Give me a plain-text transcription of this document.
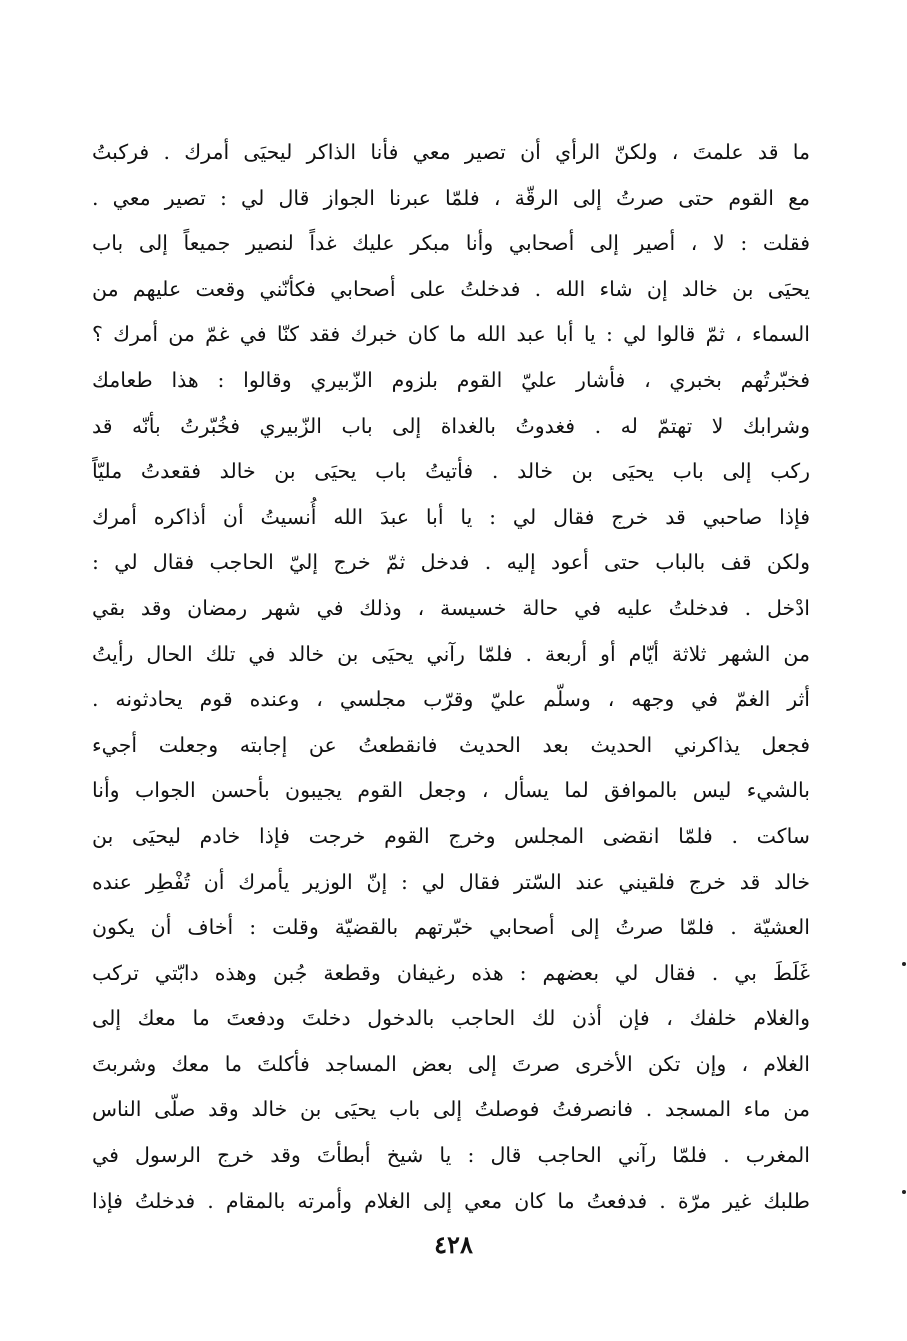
ما قد علمتَ ، ولكنّ الرأي أن تصير معي فأنا الذاكر ليحيَى أمرك . فركبتُ
مع القوم حتى صرتُ إلى الرقّة ، فلمّا عبرنا الجواز قال لي : تصير معي .
فقلت : لا ، أصير إلى أصحابي وأنا مبكر عليك غداً لنصير جميعاً إلى باب
يحيَى بن خالد إن شاء الله . فدخلتُ على أصحابي فكأنّني وقعت عليهم من
السماء ، ثمّ قالوا لي : يا أبا عبد الله ما كان خبرك فقد كنّا في غمّ من أمرك ؟
فخبّرتُهم بخبري ، فأشار عليّ القوم بلزوم الزّبيري وقالوا : هذا طعامك
وشرابك لا تهتمّ له . فغدوتُ بالغداة إلى باب الزّبيري فخُبّرتُ بأنّه قد
ركب إلى باب يحيَى بن خالد . فأتيتُ باب يحيَى بن خالد فقعدتُ مليّاً
فإذا صاحبي قد خرج فقال لي : يا أبا عبدَ الله أُنسيتُ أن أذاكره أمرك
ولكن قف بالباب حتى أعود إليه . فدخل ثمّ خرج إليّ الحاجب فقال لي :
ادْخل . فدخلتُ عليه في حالة خسيسة ، وذلك في شهر رمضان وقد بقي
من الشهر ثلاثة أيّام أو أربعة . فلمّا رآني يحيَى بن خالد في تلك الحال رأيتُ
أثر الغمّ في وجهه ، وسلّم عليّ وقرّب مجلسي ، وعنده قوم يحادثونه .
فجعل يذاكرني الحديث بعد الحديث فانقطعتُ عن إجابته وجعلت أجيء
بالشيء ليس بالموافق لما يسأل ، وجعل القوم يجيبون بأحسن الجواب وأنا
ساكت . فلمّا انقضى المجلس وخرج القوم خرجت فإذا خادم ليحيَى بن
خالد قد خرج فلقيني عند السّتر فقال لي : إنّ الوزير يأمرك أن تُفْطِر عنده
العشيّة . فلمّا صرتُ إلى أصحابي خبّرتهم بالقضيّة وقلت : أخاف أن يكون
غَلَطَ بي . فقال لي بعضهم : هذه رغيفان وقطعة جُبن وهذه دابّتي تركب
والغلام خلفك ، فإن أذن لك الحاجب بالدخول دخلتَ ودفعتَ ما معك إلى
الغلام ، وإن تكن الأخرى صرتَ إلى بعض المساجد فأكلتَ ما معك وشربتَ
من ماء المسجد . فانصرفتُ فوصلتُ إلى باب يحيَى بن خالد وقد صلّى الناس
المغرب . فلمّا رآني الحاجب قال : يا شيخ أبطأتَ وقد خرج الرسول في
طلبك غير مرّة . فدفعتُ ما كان معي إلى الغلام وأمرته بالمقام . فدخلتُ فإذا
٤٢٨
